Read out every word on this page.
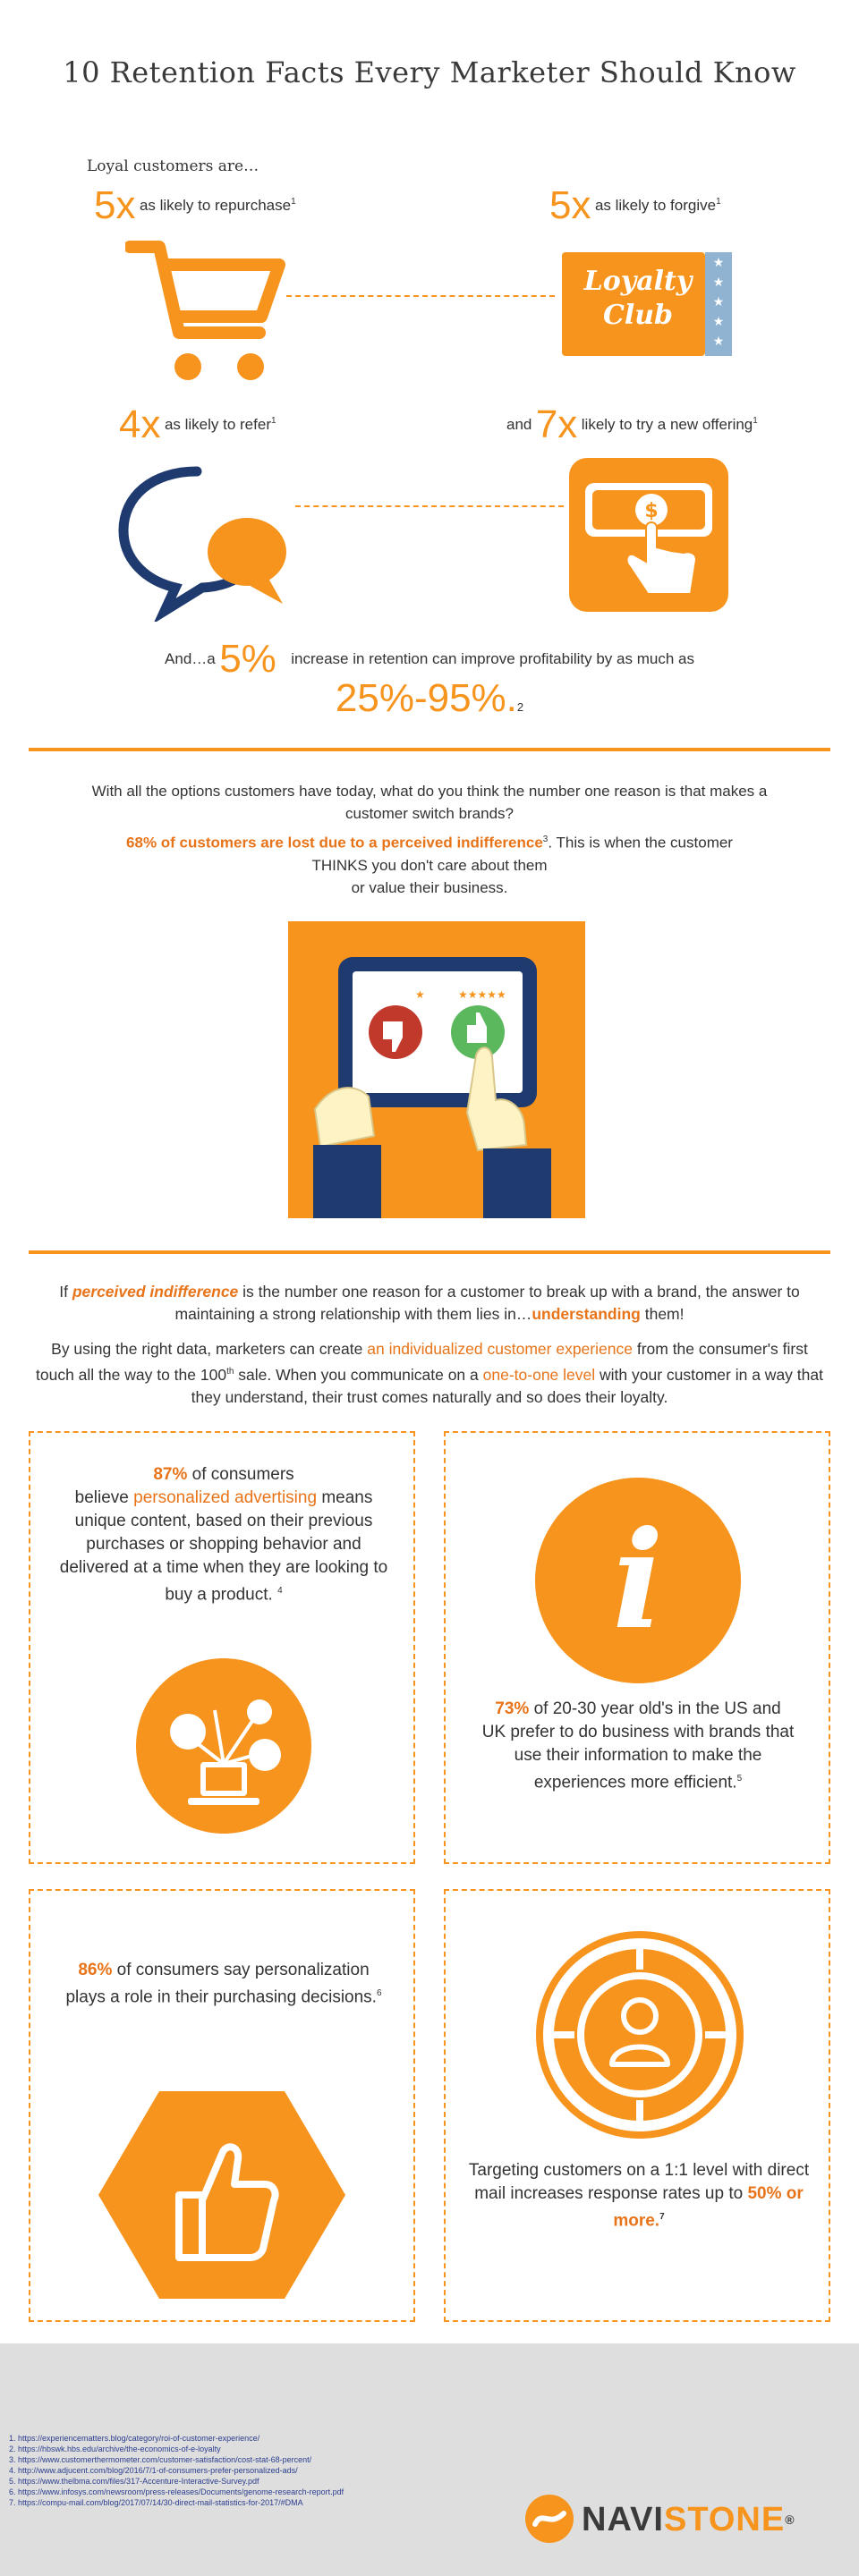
10 Retention Facts Every Marketer Should Know
Loyal customers are…
5x as likely to repurchase$^1$	5x as likely to forgive$^1$
★
★
★
★
★
Loyalty
Club
4x as likely to refer$^1$	and 7x likely to try a new offering$^1$
$
And…a 5% increase in retention can improve profitability by as much as
25%-95%.2
With all the options customers have today, what do you think the number one reason is that makes a customer switch brands?
68% of customers are lost due to a perceived indifference$^3$. This is when the customer THINKS you don't care about them
or value their business.
★	★★★★★
If perceived indifference is the number one reason for a customer to break up with a brand, the answer to maintaining a strong relationship with them lies in…understanding them!
By using the right data, marketers can create an individualized customer experience from the consumer's first touch all the way to the 100th sale. When you communicate on a one-to-one level with your customer in a way that they understand, their trust comes naturally and so does their loyalty.
87% of consumers
believe personalized advertising means unique content, based on their previous purchases or shopping behavior and delivered at a time when they are looking to buy a product. $^4$	i
73% of 20-30 year old's in the US and UK prefer to do business with brands that use their information to make the experiences more efficient.$^5$
86% of consumers say personalization plays a role in their purchasing decisions.$^6$
Targeting customers on a 1:1 level with direct mail increases response rates up to 50% or more.$^7$
1. https://experiencematters.blog/category/roi-of-customer-experience/
2. https://hbswk.hbs.edu/archive/the-economics-of-e-loyalty
3. https://www.customerthermometer.com/customer-satisfaction/cost-stat-68-percent/
4. http://www.adjucent.com/blog/2016/7/1-of-consumers-prefer-personalized-ads/
5. https://www.thelbma.com/files/317-Accenture-Interactive-Survey.pdf
6. https://www.infosys.com/newsroom/press-releases/Documents/genome-research-report.pdf
7. https://compu-mail.com/blog/2017/07/14/30-direct-mail-statistics-for-2017/#DMA	NAVISTONE®
